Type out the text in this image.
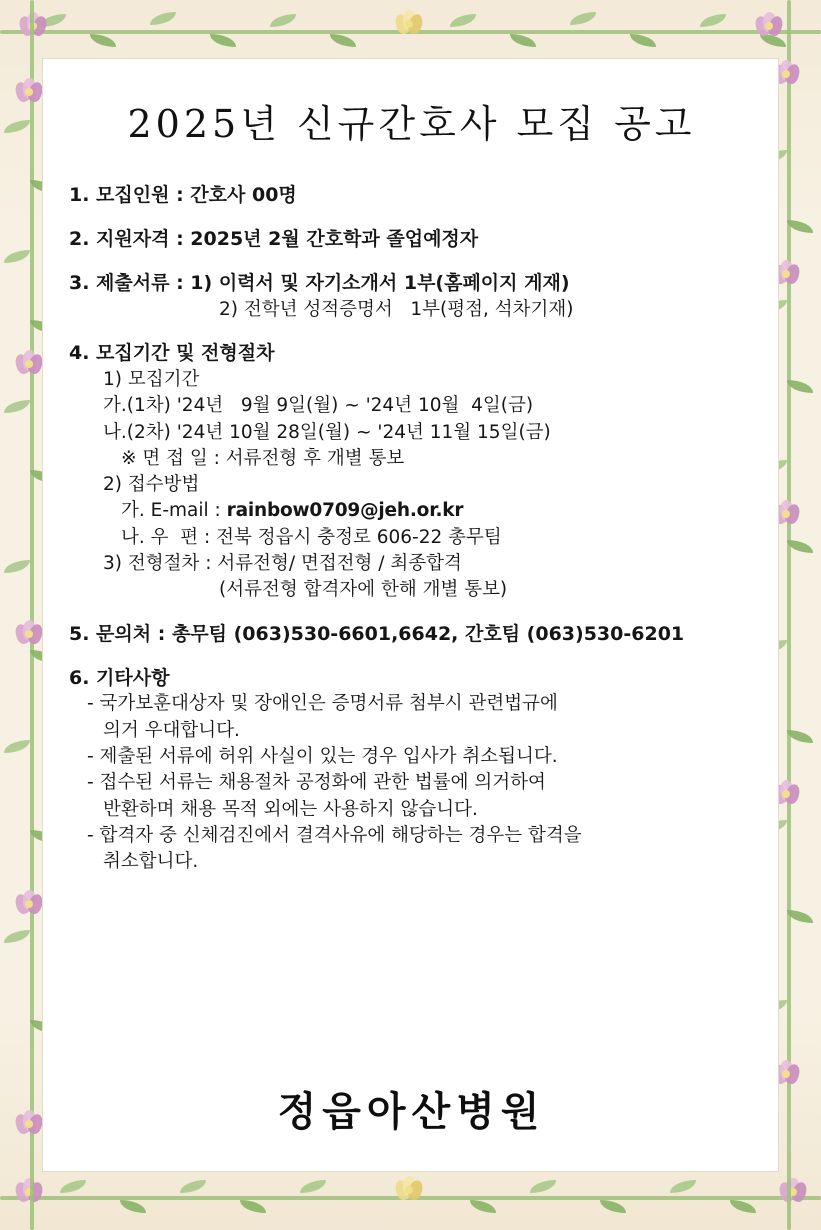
2025년 신규간호사 모집 공고
1. 모집인원 : 간호사 00명
2. 지원자격 : 2025년 2월 간호학과 졸업예정자
3. 제출서류 : 1) 이력서 및 자기소개서 1부(홈페이지 게재)
2) 전학년 성적증명서   1부(평점, 석차기재)
4. 모집기간 및 전형절차
1) 모집기간
가.(1차) '24년   9월 9일(월) ~ '24년 10월  4일(금)
나.(2차) '24년 10월 28일(월) ~ '24년 11월 15일(금)
※ 면 접 일 : 서류전형 후 개별 통보
2) 접수방법
가. E-mail : rainbow0709@jeh.or.kr
나. 우  편 : 전북 정읍시 충정로 606-22 총무팀
3) 전형절차 : 서류전형/ 면접전형 / 최종합격
(서류전형 합격자에 한해 개별 통보)
5. 문의처 : 총무팀 (063)530-6601,6642, 간호팀 (063)530-6201
6. 기타사항
- 국가보훈대상자 및 장애인은 증명서류 첨부시 관련법규에
의거 우대합니다.
- 제출된 서류에 허위 사실이 있는 경우 입사가 취소됩니다.
- 접수된 서류는 채용절차 공정화에 관한 법률에 의거하여
반환하며 채용 목적 외에는 사용하지 않습니다.
- 합격자 중 신체검진에서 결격사유에 해당하는 경우는 합격을
취소합니다.
정읍아산병원
